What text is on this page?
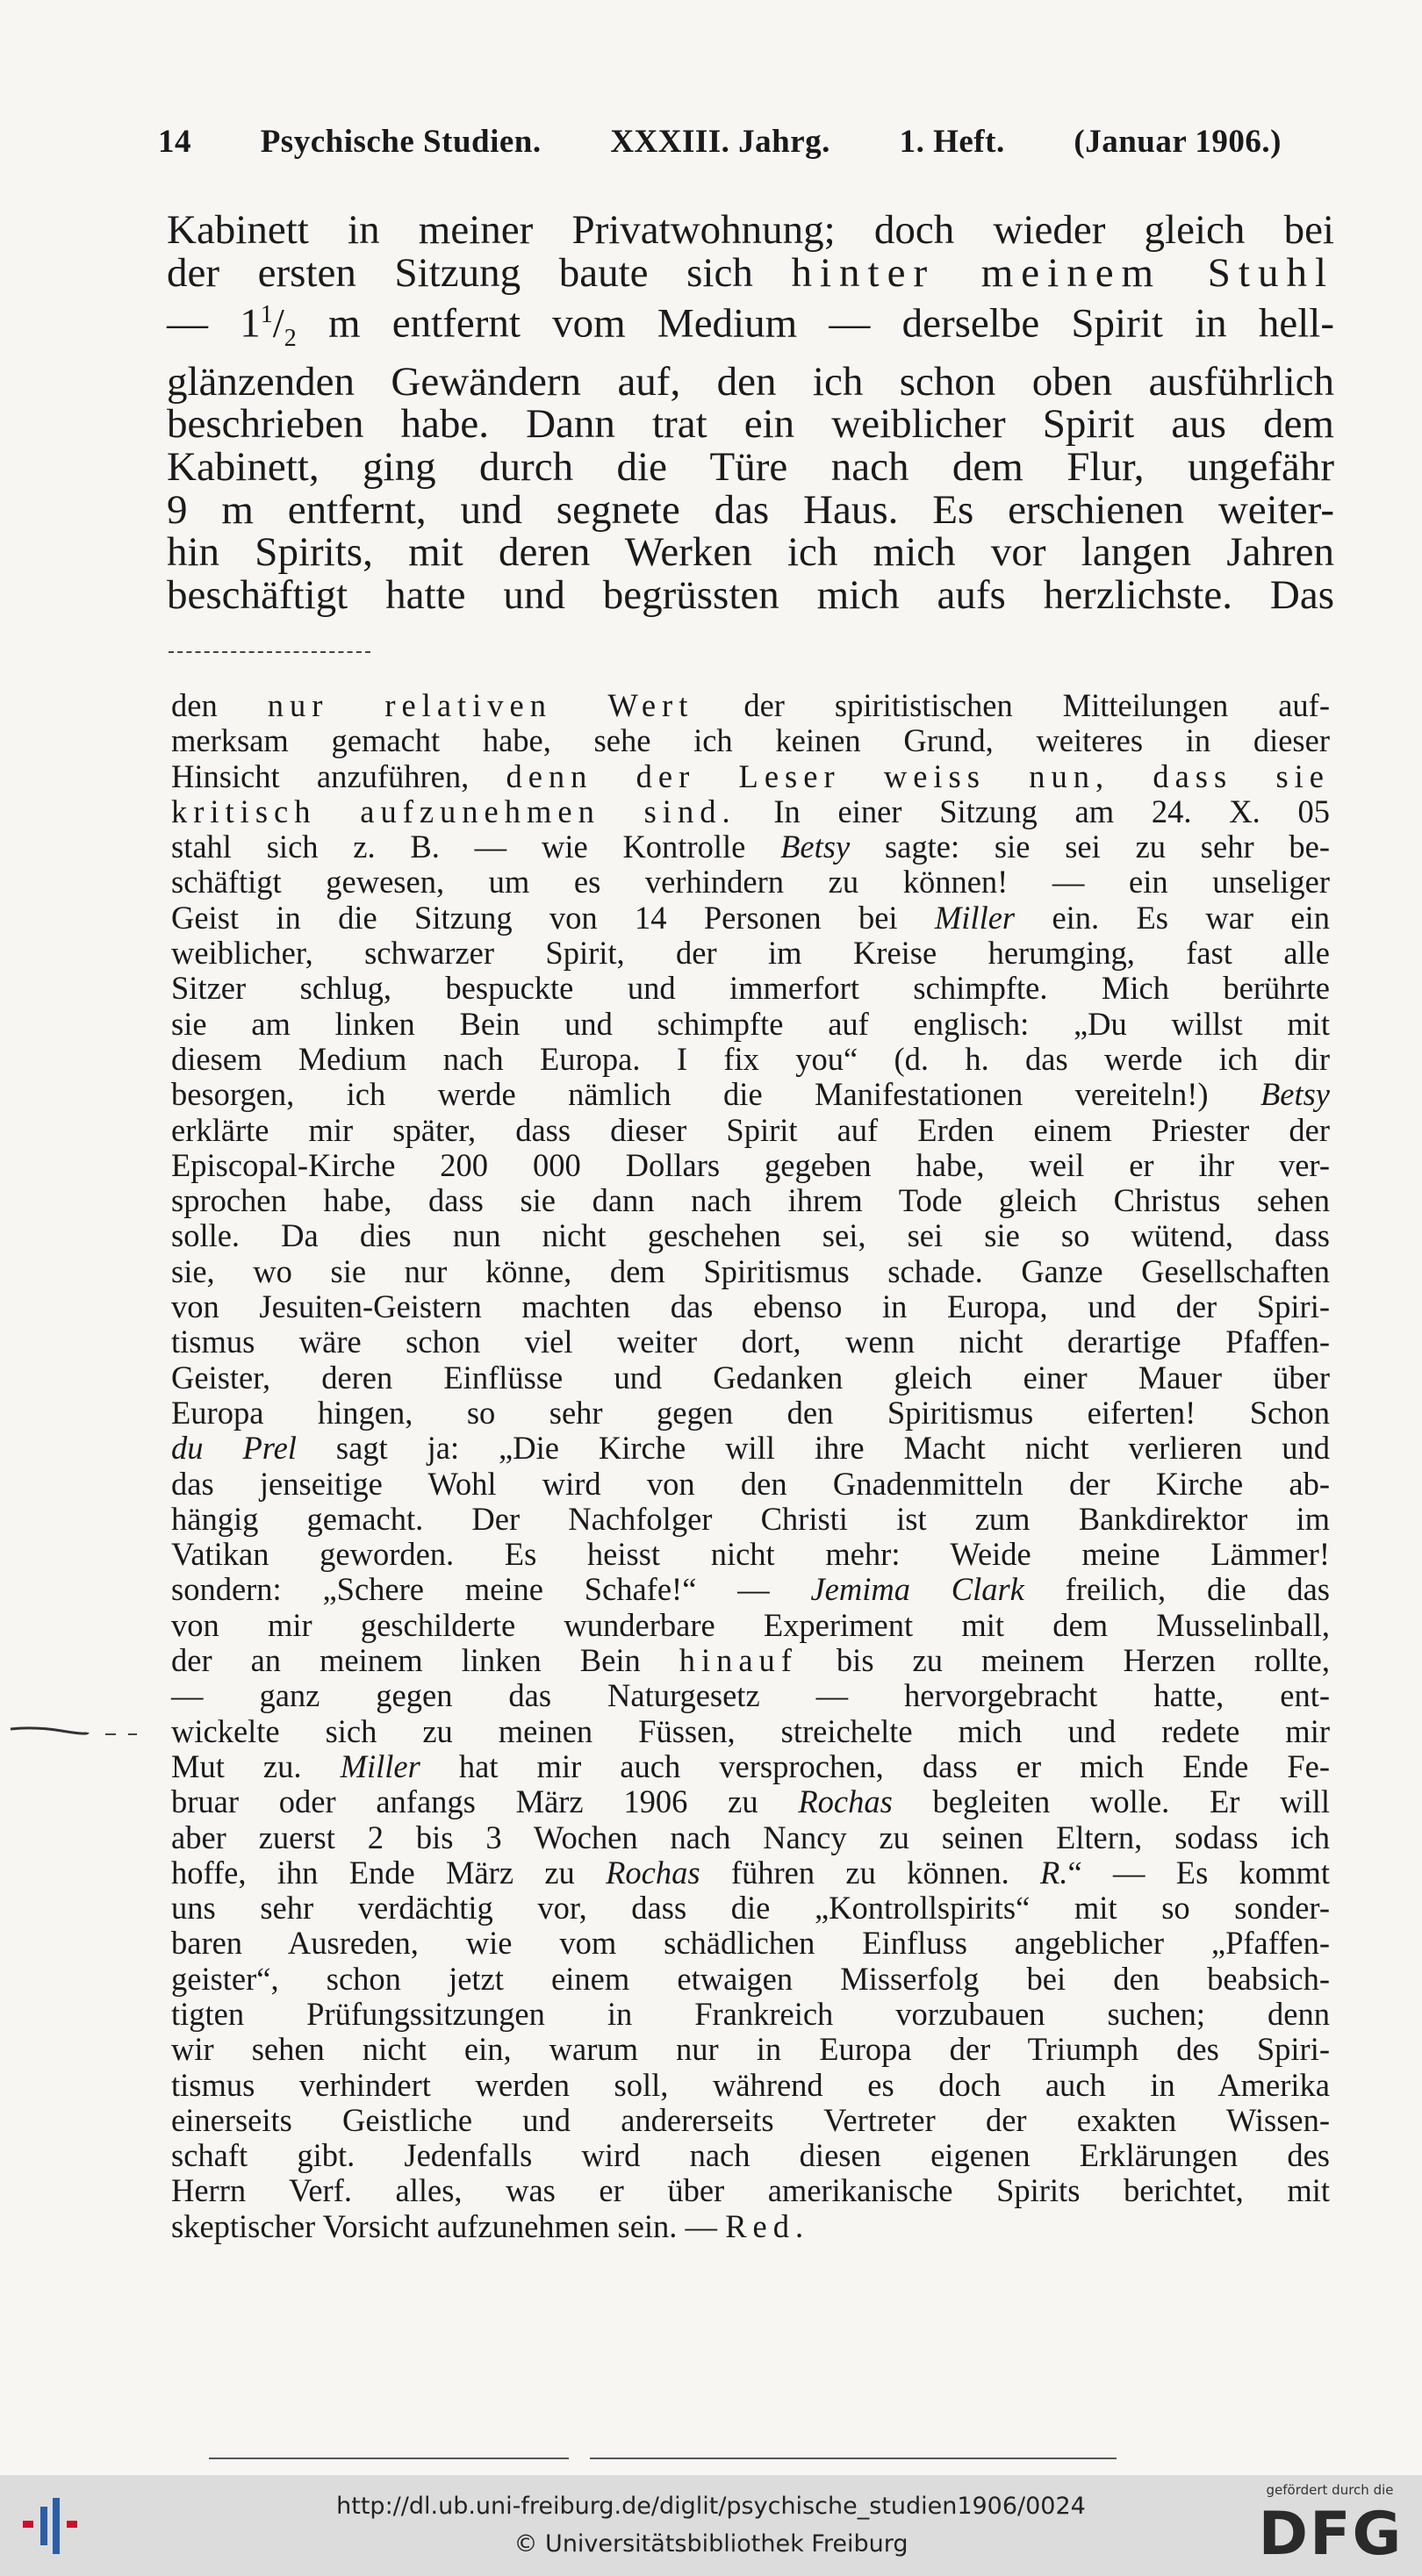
14 Psychische Studien. XXXIII. Jahrg. 1. Heft. (Januar 1906.)
Kabinett in meiner Privatwohnung; doch wieder gleich bei
der ersten Sitzung baute sich hinter meinem Stuhl
— $1^1/_2$ m entfernt vom Medium — derselbe Spirit in hell-
glänzenden Gewändern auf, den ich schon oben ausführlich
beschrieben habe. Dann trat ein weiblicher Spirit aus dem
Kabinett, ging durch die Türe nach dem Flur, ungefähr
9 m entfernt, und segnete das Haus. Es erschienen weiter-
hin Spirits, mit deren Werken ich mich vor langen Jahren
beschäftigt hatte und begrüssten mich aufs herzlichste. Das
den nur relativen Wert der spiritistischen Mitteilungen auf-
merksam gemacht habe, sehe ich keinen Grund, weiteres in dieser
Hinsicht anzuführen, denn der Leser weiss nun, dass sie
kritisch aufzunehmen sind. In einer Sitzung am 24. X. 05
stahl sich z. B. — wie Kontrolle Betsy sagte: sie sei zu sehr be-
schäftigt gewesen, um es verhindern zu können! — ein unseliger
Geist in die Sitzung von 14 Personen bei Miller ein. Es war ein
weiblicher, schwarzer Spirit, der im Kreise herumging, fast alle
Sitzer schlug, bespuckte und immerfort schimpfte. Mich berührte
sie am linken Bein und schimpfte auf englisch: „Du willst mit
diesem Medium nach Europa. I fix you“ (d. h. das werde ich dir
besorgen, ich werde nämlich die Manifestationen vereiteln!) Betsy
erklärte mir später, dass dieser Spirit auf Erden einem Priester der
Episcopal-Kirche 200 000 Dollars gegeben habe, weil er ihr ver-
sprochen habe, dass sie dann nach ihrem Tode gleich Christus sehen
solle. Da dies nun nicht geschehen sei, sei sie so wütend, dass
sie, wo sie nur könne, dem Spiritismus schade. Ganze Gesellschaften
von Jesuiten-Geistern machten das ebenso in Europa, und der Spiri-
tismus wäre schon viel weiter dort, wenn nicht derartige Pfaffen-
Geister, deren Einflüsse und Gedanken gleich einer Mauer über
Europa hingen, so sehr gegen den Spiritismus eiferten! Schon
du Prel sagt ja: „Die Kirche will ihre Macht nicht verlieren und
das jenseitige Wohl wird von den Gnadenmitteln der Kirche ab-
hängig gemacht. Der Nachfolger Christi ist zum Bankdirektor im
Vatikan geworden. Es heisst nicht mehr: Weide meine Lämmer!
sondern: „Schere meine Schafe!“ — Jemima Clark freilich, die das
von mir geschilderte wunderbare Experiment mit dem Musselinball,
der an meinem linken Bein hinauf bis zu meinem Herzen rollte,
— ganz gegen das Naturgesetz — hervorgebracht hatte, ent-
wickelte sich zu meinen Füssen, streichelte mich und redete mir
Mut zu. Miller hat mir auch versprochen, dass er mich Ende Fe-
bruar oder anfangs März 1906 zu Rochas begleiten wolle. Er will
aber zuerst 2 bis 3 Wochen nach Nancy zu seinen Eltern, sodass ich
hoffe, ihn Ende März zu Rochas führen zu können. R.“ — Es kommt
uns sehr verdächtig vor, dass die „Kontrollspirits“ mit so sonder-
baren Ausreden, wie vom schädlichen Einfluss angeblicher „Pfaffen-
geister“, schon jetzt einem etwaigen Misserfolg bei den beabsich-
tigten Prüfungssitzungen in Frankreich vorzubauen suchen; denn
wir sehen nicht ein, warum nur in Europa der Triumph des Spiri-
tismus verhindert werden soll, während es doch auch in Amerika
einerseits Geistliche und andererseits Vertreter der exakten Wissen-
schaft gibt. Jedenfalls wird nach diesen eigenen Erklärungen des
Herrn Verf. alles, was er über amerikanische Spirits berichtet, mit
skeptischer Vorsicht aufzunehmen sein. — Red.
http://dl.ub.uni-freiburg.de/diglit/psychische_studien1906/0024
© Universitätsbibliothek Freiburg
gefördert durch die
DFG
